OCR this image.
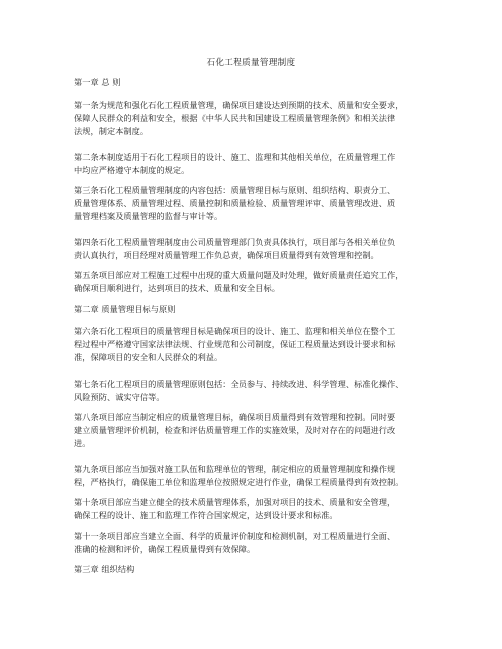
石化工程质量管理制度
第一章 总 则
第一条为规范和强化石化工程质量管理，确保项目建设达到预期的技术、质量和安全要求，
保障人民群众的利益和安全，根据《中华人民共和国建设工程质量管理条例》和相关法律
法规，制定本制度。
第二条本制度适用于石化工程项目的设计、施工、监理和其他相关单位，在质量管理工作
中均应严格遵守本制度的规定。
第三条石化工程质量管理制度的内容包括：质量管理目标与原则、组织结构、职责分工、
质量管理体系、质量管理过程、质量控制和质量检验、质量管理评审、质量管理改进、质
量管理档案及质量管理的监督与审计等。
第四条石化工程质量管理制度由公司质量管理部门负责具体执行，项目部与各相关单位负
责认真执行，项目经理对质量管理工作负总责，确保项目质量得到有效管理和控制。
第五条项目部应对工程施工过程中出现的重大质量问题及时处理，做好质量责任追究工作，
确保项目顺利进行，达到项目的技术、质量和安全目标。
第二章 质量管理目标与原则
第六条石化工程项目的质量管理目标是确保项目的设计、施工、监理和相关单位在整个工
程过程中严格遵守国家法律法规、行业规范和公司制度，保证工程质量达到设计要求和标
准，保障项目的安全和人民群众的利益。
第七条石化工程项目的质量管理原则包括：全员参与、持续改进、科学管理、标准化操作、
风险预防、诚实守信等。
第八条项目部应当制定相应的质量管理目标，确保项目质量得到有效管理和控制。同时要
建立质量管理评价机制，检查和评估质量管理工作的实施效果，及时对存在的问题进行改
进。
第九条项目部应当加强对施工队伍和监理单位的管理，制定相应的质量管理制度和操作规
程，严格执行，确保施工单位和监理单位按照规定进行作业，确保工程质量得到有效控制。
第十条项目部应当建立健全的技术质量管理体系，加强对项目的技术、质量和安全管理，
确保工程的设计、施工和监理工作符合国家规定，达到设计要求和标准。
第十一条项目部应当建立全面、科学的质量评价制度和检测机制，对工程质量进行全面、
准确的检测和评价，确保工程质量得到有效保障。
第三章 组织结构
